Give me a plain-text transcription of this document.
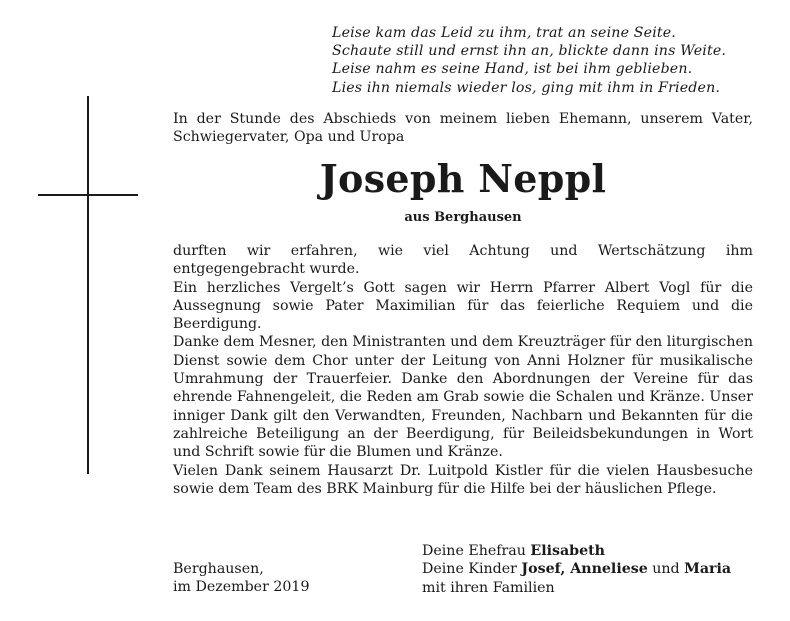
Leise kam das Leid zu ihm, trat an seine Seite.
Schaute still und ernst ihn an, blickte dann ins Weite.
Leise nahm es seine Hand, ist bei ihm geblieben.
Lies ihn niemals wieder los, ging mit ihm in Frieden.
In der Stunde des Abschieds von meinem lieben Ehemann, unserem Vater, Schwiegervater, Opa und Uropa
Joseph Neppl
aus Berghausen

durften wir erfahren, wie viel Achtung und Wertschätzung ihm entgegengebracht wurde.

Ein herzliches Vergelt’s Gott sagen wir Herrn Pfarrer Albert Vogl für die Aussegnung sowie Pater Maximilian für das feierliche Requiem und die Beerdigung.

Danke dem Mesner, den Ministranten und dem Kreuzträger für den liturgischen Dienst sowie dem Chor unter der Leitung von Anni Holzner für musikalische Umrahmung der Trauerfeier. Danke den Abordnungen der Vereine für das ehrende Fahnengeleit, die Reden am Grab sowie die Schalen und Kränze. Unser inniger Dank gilt den Verwandten, Freunden, Nachbarn und Bekannten für die zahlreiche Beteiligung an der Beerdigung, für Beileidsbekundungen in Wort und Schrift sowie für die Blumen und Kränze.

Vielen Dank seinem Hausarzt Dr. Luitpold Kistler für die vielen Hausbesuche sowie dem Team des BRK Mainburg für die Hilfe bei der häuslichen Pflege.

Berghausen,
im Dezember 2019
Deine Ehefrau Elisabeth
Deine Kinder Josef, Anneliese und Maria
mit ihren Familien
